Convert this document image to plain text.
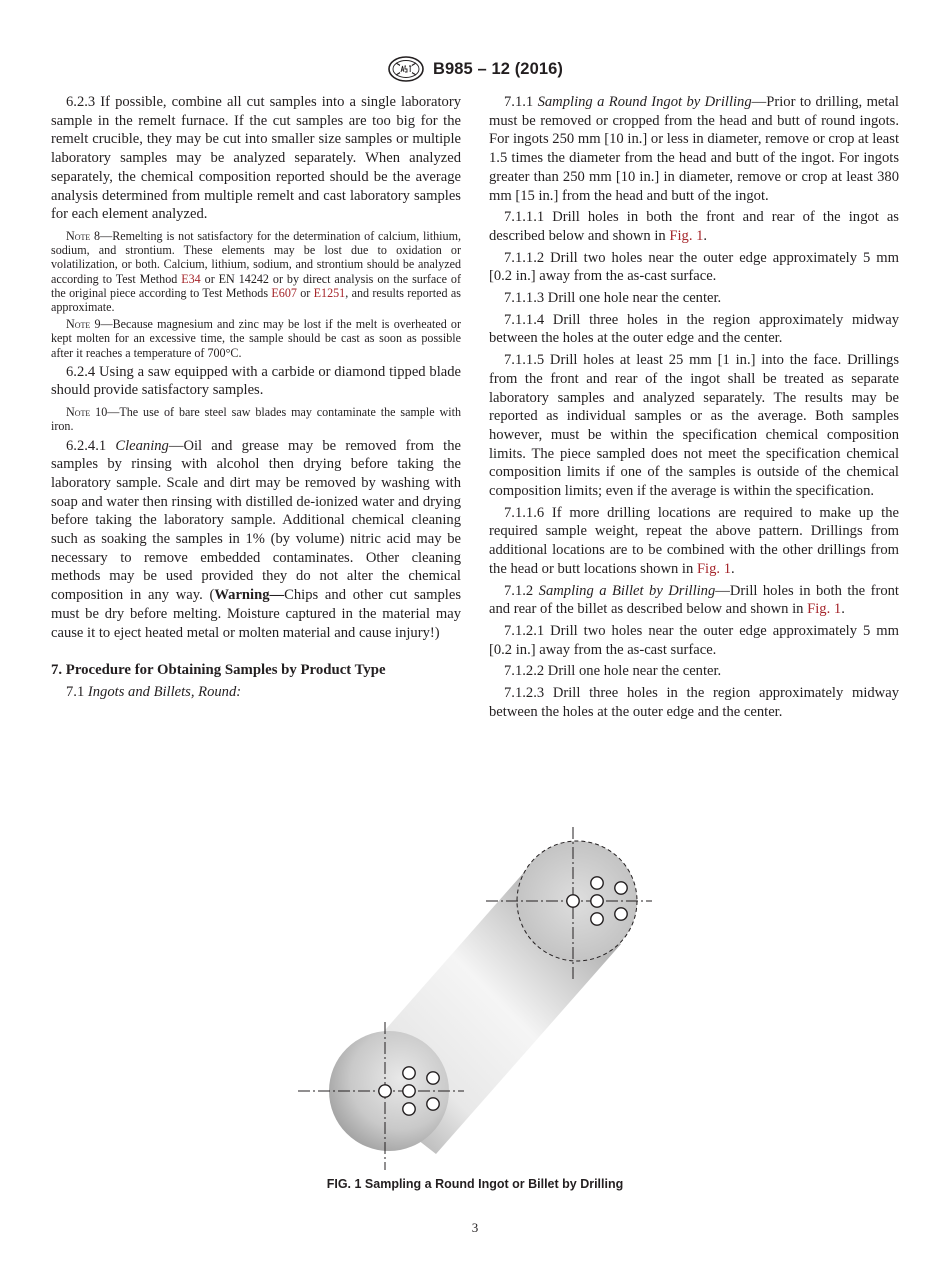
B985 – 12 (2016)

6.2.3 If possible, combine all cut samples into a single laboratory sample in the remelt furnace. If the cut samples are too big for the remelt crucible, they may be cut into smaller size samples or multiple laboratory samples may be analyzed separately. When analyzed separately, the chemical composition reported should be the average analysis determined from multiple remelt and cast laboratory samples for each element analyzed.

Note 8—Remelting is not satisfactory for the determination of calcium, lithium, sodium, and strontium. These elements may be lost due to oxidation or volatilization, or both. Calcium, lithium, sodium, and strontium should be analyzed according to Test Method E34 or EN 14242 or by direct analysis on the surface of the original piece according to Test Methods E607 or E1251, and results reported as approximate.

Note 9—Because magnesium and zinc may be lost if the melt is overheated or kept molten for an excessive time, the sample should be cast as soon as possible after it reaches a temperature of 700°C.

6.2.4 Using a saw equipped with a carbide or diamond tipped blade should provide satisfactory samples.

Note 10—The use of bare steel saw blades may contaminate the sample with iron.

6.2.4.1 Cleaning—Oil and grease may be removed from the samples by rinsing with alcohol then drying before taking the laboratory sample. Scale and dirt may be removed by washing with soap and water then rinsing with distilled de-ionized water and drying before taking the laboratory sample. Additional chemical cleaning such as soaking the samples in 1% (by volume) nitric acid may be necessary to remove embedded contaminates. Other cleaning methods may be used provided they do not alter the chemical composition in any way. (Warning—Chips and other cut samples must be dry before melting. Moisture captured in the material may cause it to eject heated metal or molten material and cause injury!)

7. Procedure for Obtaining Samples by Product Type

7.1 Ingots and Billets, Round:

7.1.1 Sampling a Round Ingot by Drilling—Prior to drilling, metal must be removed or cropped from the head and butt of round ingots. For ingots 250 mm [10 in.] or less in diameter, remove or crop at least 1.5 times the diameter from the head and butt of the ingot. For ingots greater than 250 mm [10 in.] in diameter, remove or crop at least 380 mm [15 in.] from the head and butt of the ingot.

7.1.1.1 Drill holes in both the front and rear of the ingot as described below and shown in Fig. 1.

7.1.1.2 Drill two holes near the outer edge approximately 5 mm [0.2 in.] away from the as-cast surface.

7.1.1.3 Drill one hole near the center.

7.1.1.4 Drill three holes in the region approximately midway between the holes at the outer edge and the center.

7.1.1.5 Drill holes at least 25 mm [1 in.] into the face. Drillings from the front and rear of the ingot shall be treated as separate laboratory samples and analyzed separately. The results may be reported as individual samples or as the average. Both samples however, must be within the specification chemical composition limits. The piece sampled does not meet the specification chemical composition limits if one of the samples is outside of the chemical composition limits; even if the average is within the specification.

7.1.1.6 If more drilling locations are required to make up the required sample weight, repeat the above pattern. Drillings from additional locations are to be combined with the other drillings from the head or butt locations shown in Fig. 1.

7.1.2 Sampling a Billet by Drilling—Drill holes in both the front and rear of the billet as described below and shown in Fig. 1.

7.1.2.1 Drill two holes near the outer edge approximately 5 mm [0.2 in.] away from the as-cast surface.

7.1.2.2 Drill one hole near the center.

7.1.2.3 Drill three holes in the region approximately midway between the holes at the outer edge and the center.

FIG. 1 Sampling a Round Ingot or Billet by Drilling
3
